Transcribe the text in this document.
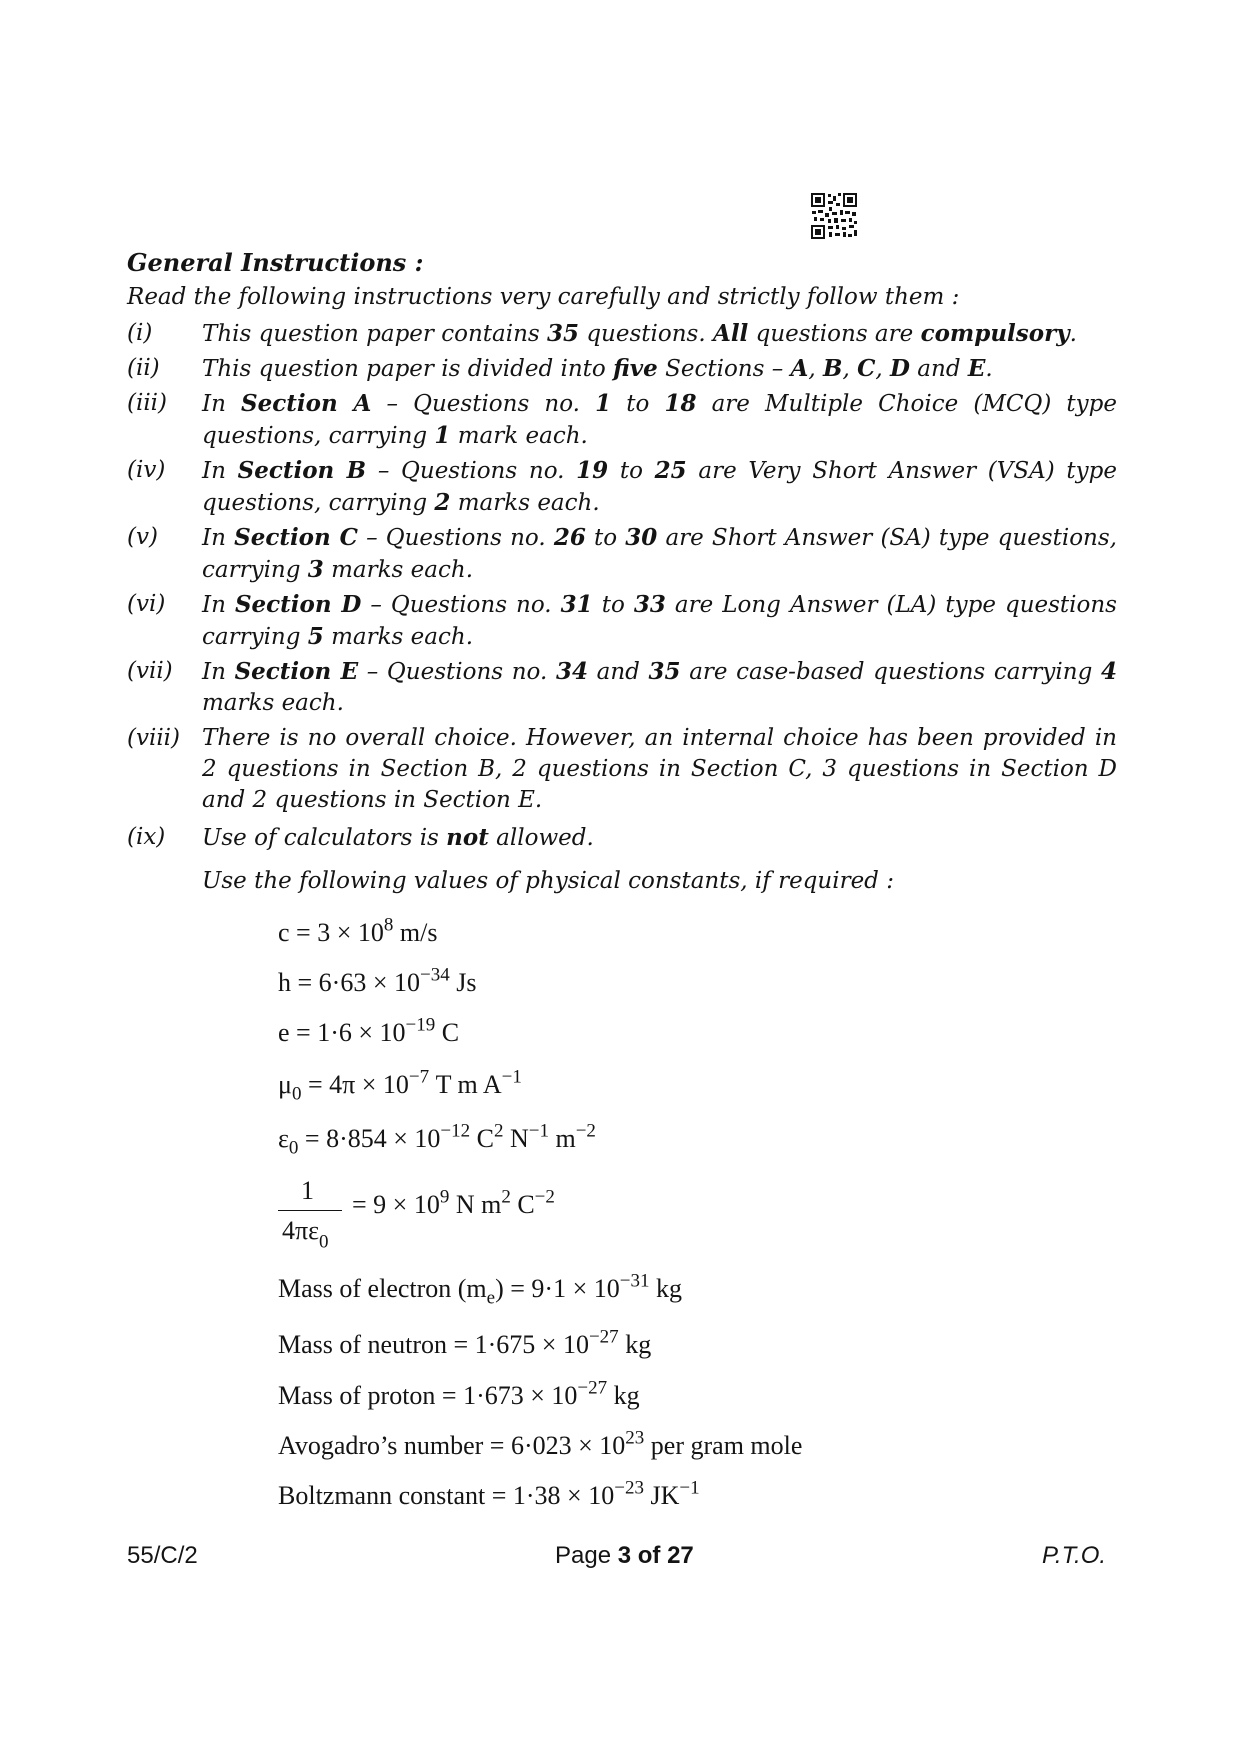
General Instructions :
Read the following instructions very carefully and strictly follow them :
(i)	This question paper contains 35 questions. All questions are compulsory.
(ii)	This question paper is divided into five Sections – A, B, C, D and E.
(iii)	In Section A – Questions no. 1 to 18 are Multiple Choice (MCQ) type questions, carrying 1 mark each.
(iv)	In Section B – Questions no. 19 to 25 are Very Short Answer (VSA) type questions, carrying 2 marks each.
(v)	In Section C – Questions no. 26 to 30 are Short Answer (SA) type questions, carrying 3 marks each.
(vi)	In Section D – Questions no. 31 to 33 are Long Answer (LA) type questions carrying 5 marks each.
(vii)	In Section E – Questions no. 34 and 35 are case-based questions carrying 4 marks each.
(viii) There is no overall choice. However, an internal choice has been provided in 2 questions in Section B, 2 questions in Section C, 3 questions in Section D and 2 questions in Section E.
(ix)	Use of calculators is not allowed.
Use the following values of physical constants, if required :
$c = 3 \times 10^8$ m/s
$h = 6\cdot 63 \times 10^{-34}$ Js
$e = 1\cdot 6 \times 10^{-19}$ C
$\mu_0 = 4\pi \times 10^{-7}$ T m $A^{-1}$
$\varepsilon_0 = 8\cdot 854 \times 10^{-12}$ $C^2$ $N^{-1}$ $m^{-2}$
1
$4\pi\varepsilon_0$
= $9 \times 10^9$ N $m^2$ $C^{-2}$
Mass of electron $(m_e) = 9\cdot 1 \times 10^{-31}$ kg
Mass of neutron = $1\cdot 675 \times 10^{-27}$ kg
Mass of proton = $1\cdot 673 \times 10^{-27}$ kg
Avogadro’s number = $6\cdot 023 \times 10^{23}$ per gram mole
Boltzmann constant = $1\cdot 38 \times 10^{-23}$ $JK^{-1}$
55/C/2	Page 3 of 27	P.T.O.
